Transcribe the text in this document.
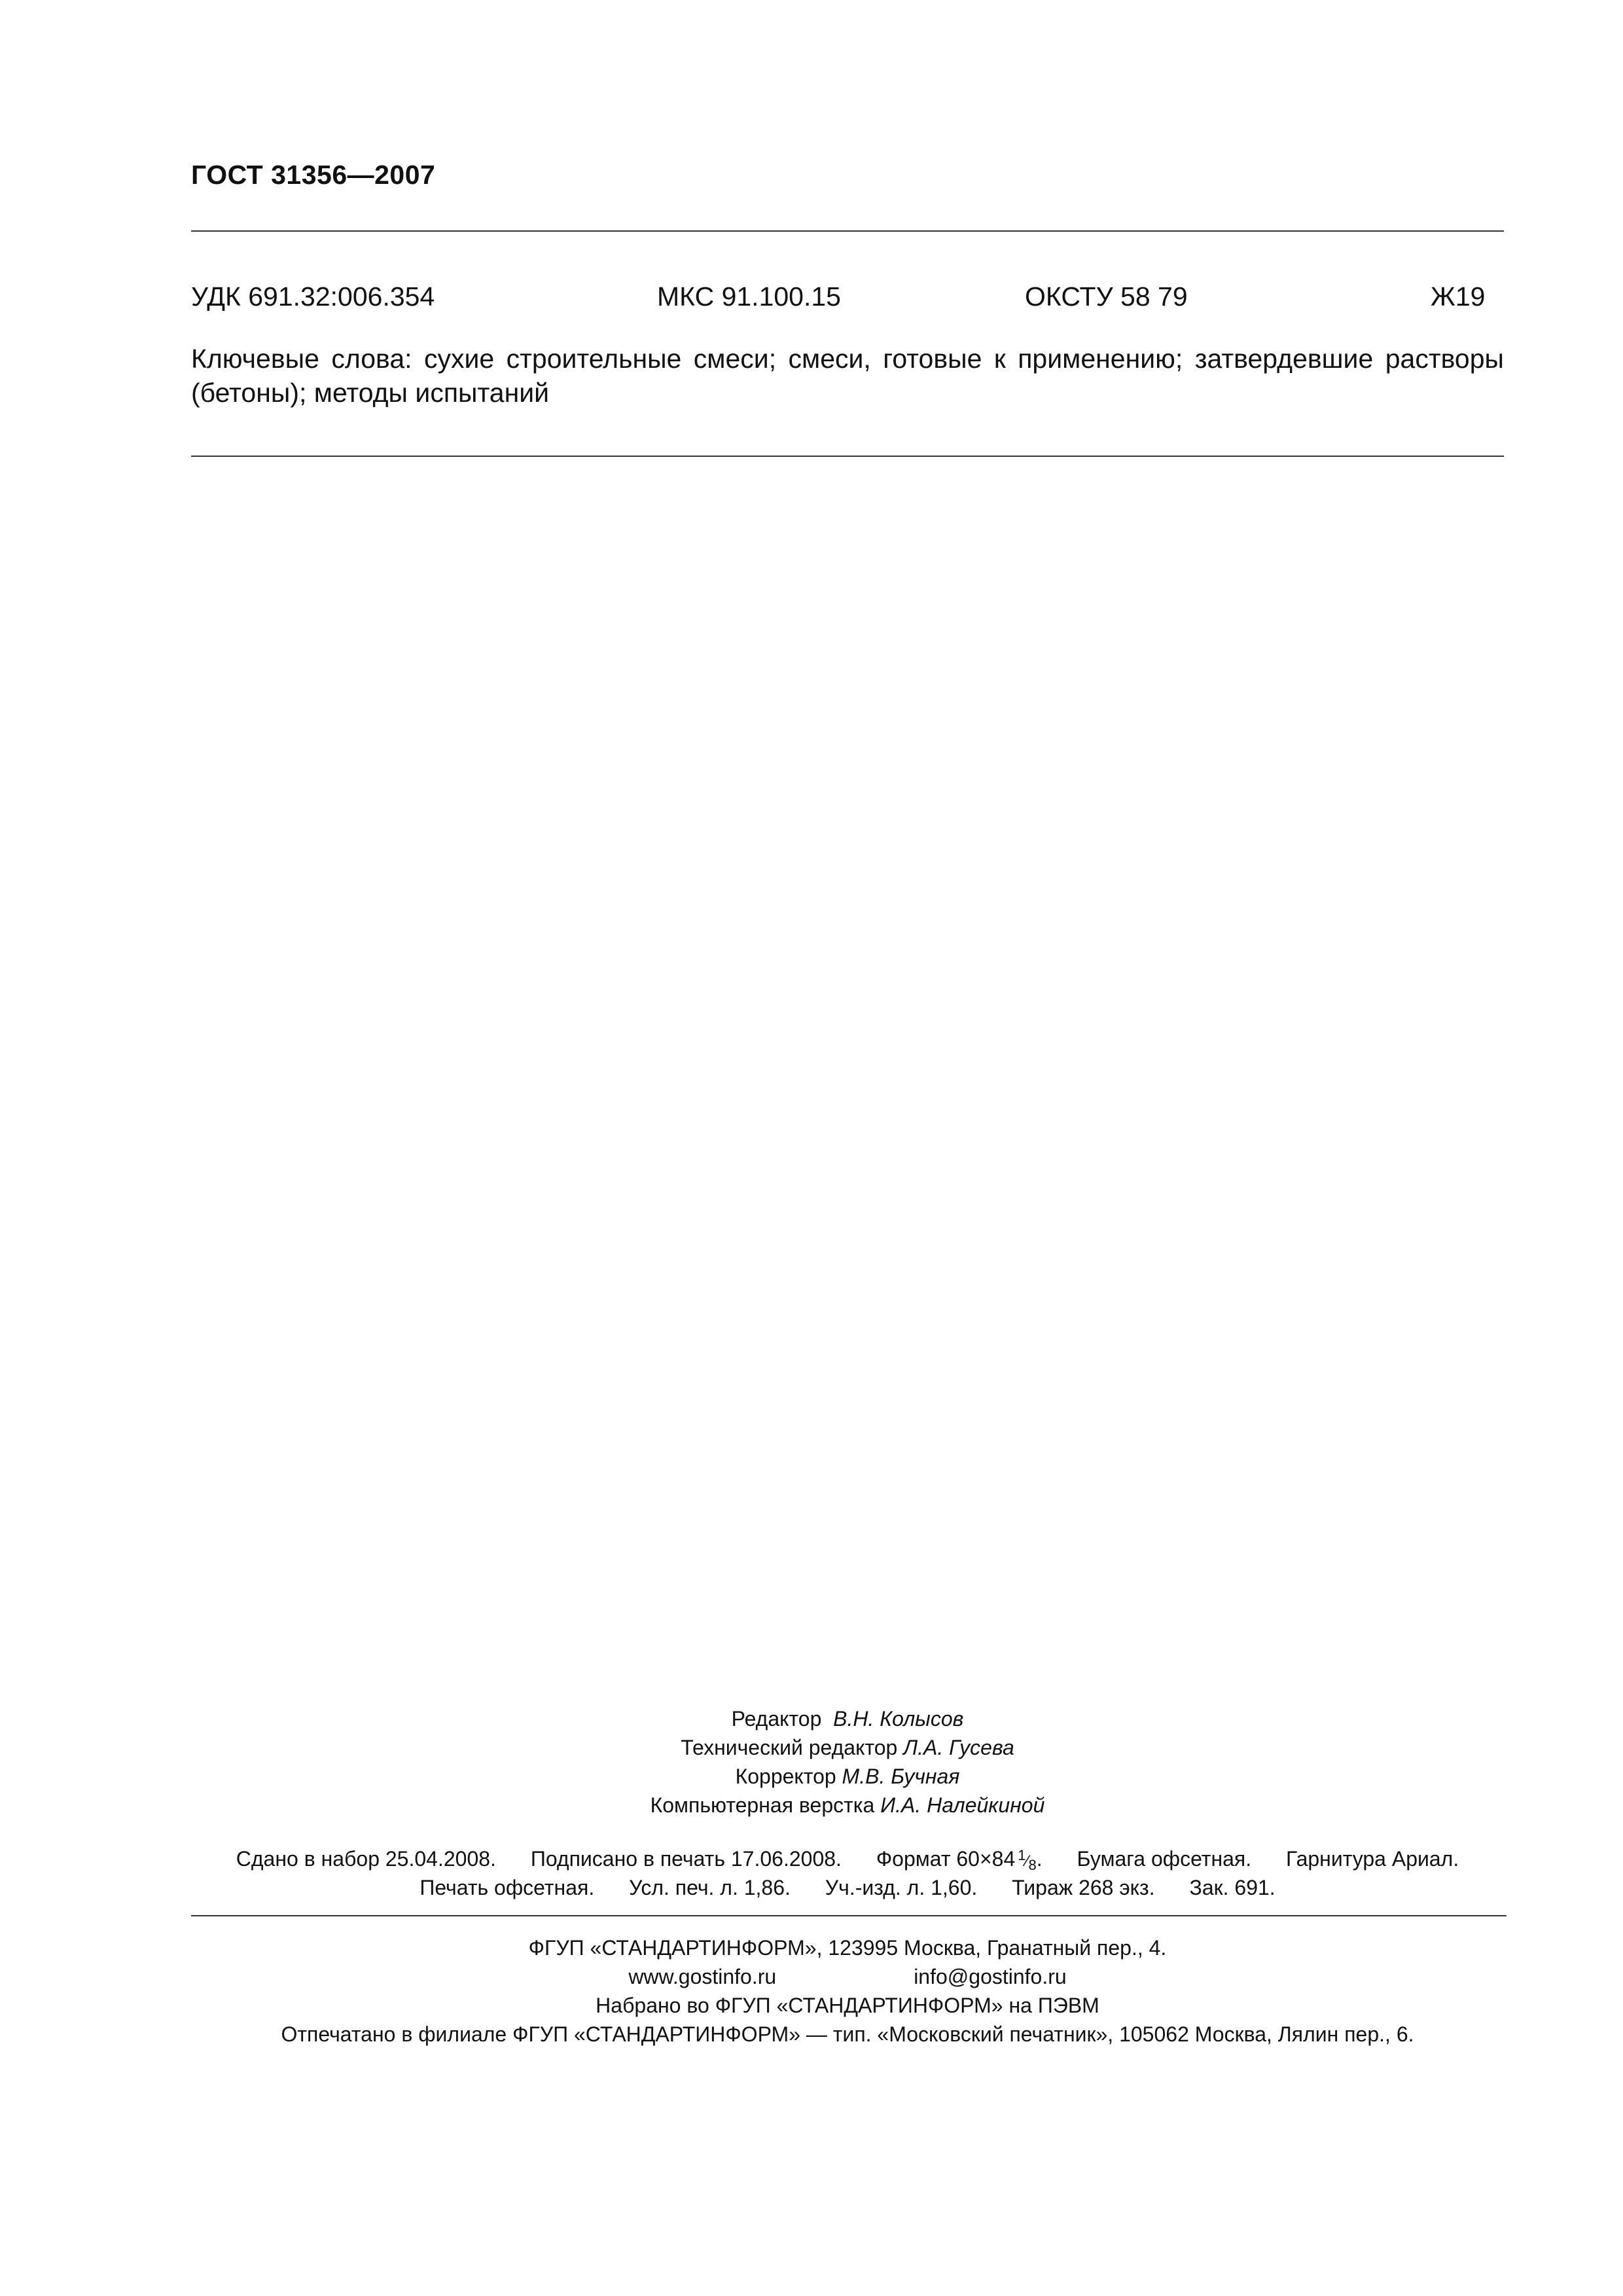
ГОСТ 31356—2007
УДК 691.32:006.354	МКС 91.100.15	ОКСТУ 58 79	Ж19
Ключевые слова: сухие строительные смеси; смеси, готовые к применению; затвердевшие растворы (бетоны); методы испытаний
Редактор В.Н. Колысов
Технический редактор Л.А. Гусева
Корректор М.В. Бучная
Компьютерная верстка И.А. Налейкиной
Сдано в набор 25.04.2008. Подписано в печать 17.06.2008. Формат 60×84 $^1⁄_8$. Бумага офсетная. Гарнитура Ариал.
Печать офсетная. Усл. печ. л. 1,86. Уч.-изд. л. 1,60. Тираж 268 экз. Зак. 691.
ФГУП «СТАНДАРТИНФОРМ», 123995 Москва, Гранатный пер., 4.
www.gostinfo.ru	info@gostinfo.ru
Набрано во ФГУП «СТАНДАРТИНФОРМ» на ПЭВМ
Отпечатано в филиале ФГУП «СТАНДАРТИНФОРМ» — тип. «Московский печатник», 105062 Москва, Лялин пер., 6.
